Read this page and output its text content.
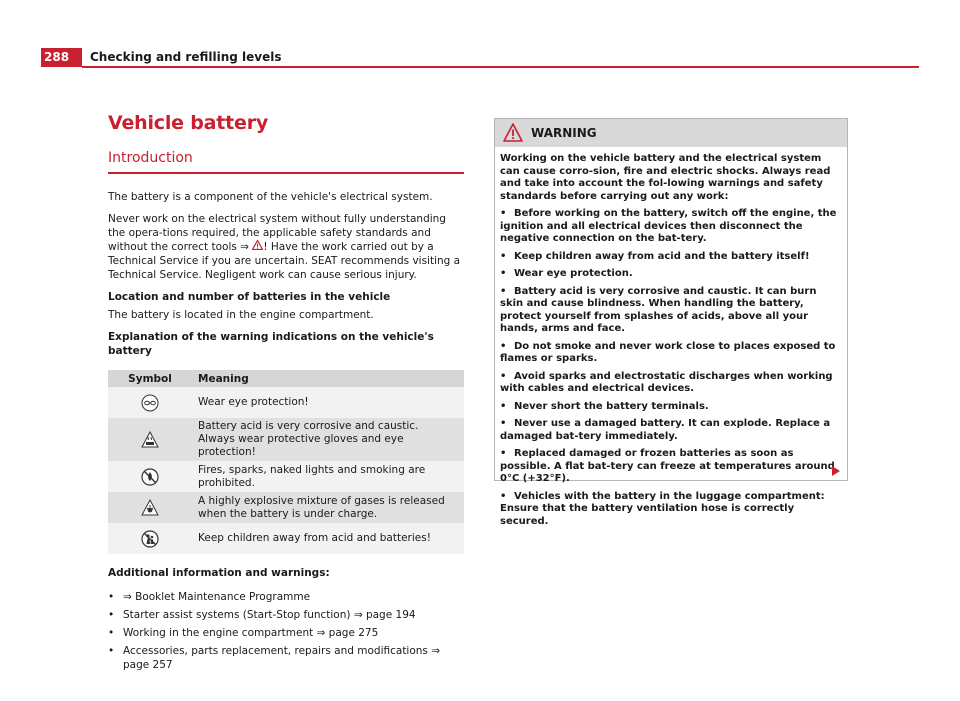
288	Checking and refilling levels
Vehicle battery
Introduction

The battery is a component of the vehicle's electrical system.

Never work on the electrical system without fully understanding the opera-tions required, the applicable safety standards and without the correct tools ⇒ ! Have the work carried out by a Technical Service if you are uncertain. SEAT recommends visiting a Technical Service. Negligent work can cause serious injury.

Location and number of batteries in the vehicle

The battery is located in the engine compartment.

Explanation of the warning indications on the vehicle's battery

Symbol	Meaning
	Wear eye protection!
	Battery acid is very corrosive and caustic. Always wear protective gloves and eye protection!
	Fires, sparks, naked lights and smoking are prohibited.
	A highly explosive mixture of gases is released when the battery is under charge.
	Keep children away from acid and batteries!

Additional information and warnings:

• ⇒ Booklet Maintenance Programme
• Starter assist systems (Start-Stop function) ⇒ page 194
• Working in the engine compartment ⇒ page 275
• Accessories, parts replacement, repairs and modifications ⇒ page 257
WARNING

Working on the vehicle battery and the electrical system can cause corro-sion, fire and electric shocks. Always read and take into account the fol-lowing warnings and safety standards before carrying out any work:

• Before working on the battery, switch off the engine, the ignition and all electrical devices then disconnect the negative connection on the bat-tery.
• Keep children away from acid and the battery itself!
• Wear eye protection.
• Battery acid is very corrosive and caustic. It can burn skin and cause blindness. When handling the battery, protect yourself from splashes of acids, above all your hands, arms and face.
• Do not smoke and never work close to places exposed to flames or sparks.
• Avoid sparks and electrostatic discharges when working with cables and electrical devices.
• Never short the battery terminals.
• Never use a damaged battery. It can explode. Replace a damaged bat-tery immediately.
• Replaced damaged or frozen batteries as soon as possible. A flat bat-tery can freeze at temperatures around 0°C (+32°F).
• Vehicles with the battery in the luggage compartment: Ensure that the battery ventilation hose is correctly secured.
